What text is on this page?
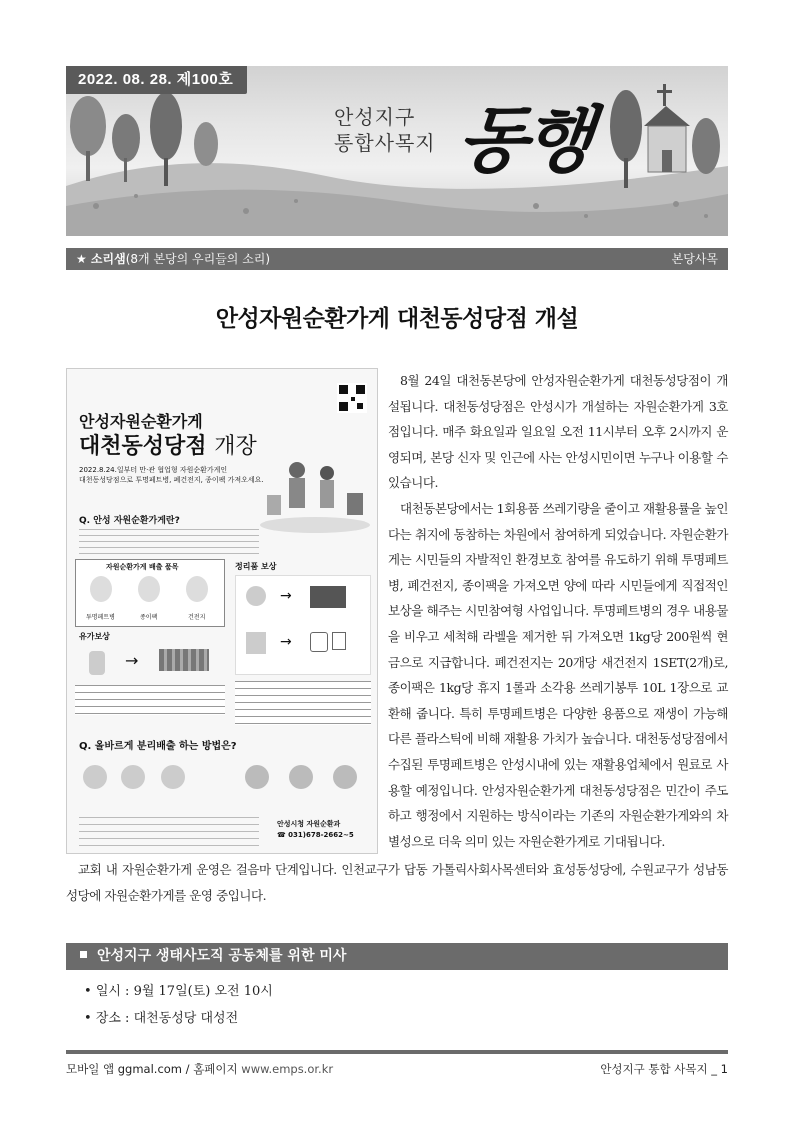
2022. 08. 28. 제100호
안성지구
통합사목지 동행
★ 소리샘(8개 본당의 우리들의 소리)	본당사목
안성자원순환가게 대천동성당점 개설
안성자원순환가게
대천동성당점 개장
2022.8.24.일부터 만·관 협업형 자원순환가게인
대천동성당점으로 투명페트병, 폐건전지, 종이팩 가져오세요.
Q. 안성 자원순환가게란?
자원순환가게 배출 품목
투명페트병	종이팩	건전지
정리품 보상
→
→
유가보상
→
Q. 올바르게 분리배출 하는 방법은?
안성시청 자원순환과
☎ 031)678-2662~5

8월 24일 대천동본당에 안성자원순환가게 대천동성당점이 개설됩니다. 대천동성당점은 안성시가 개설하는 자원순환가게 3호점입니다. 매주 화요일과 일요일 오전 11시부터 오후 2시까지 운영되며, 본당 신자 및 인근에 사는 안성시민이면 누구나 이용할 수 있습니다.

대천동본당에서는 1회용품 쓰레기량을 줄이고 재활용률을 높인다는 취지에 동참하는 차원에서 참여하게 되었습니다. 자원순환가게는 시민들의 자발적인 환경보호 참여를 유도하기 위해 투명페트병, 폐건전지, 종이팩을 가져오면 양에 따라 시민들에게 직접적인 보상을 해주는 시민참여형 사업입니다. 투명페트병의 경우 내용물을 비우고 세척해 라벨을 제거한 뒤 가져오면 1kg당 200원씩 현금으로 지급합니다. 폐건전지는 20개당 새건전지 1SET(2개)로, 종이팩은 1kg당 휴지 1롤과 소각용 쓰레기봉투 10L 1장으로 교환해 줍니다. 특히 투명페트병은 다양한 용품으로 재생이 가능해 다른 플라스틱에 비해 재활용 가치가 높습니다. 대천동성당점에서 수집된 투명페트병은 안성시내에 있는 재활용업체에서 원료로 사용할 예정입니다. 안성자원순환가게 대천동성당점은 민간이 주도하고 행정에서 지원하는 방식이라는 기존의 자원순환가게와의 차별성으로 더욱 의미 있는 자원순환가게로 기대됩니다.

교회 내 자원순환가게 운영은 걸음마 단계입니다. 인천교구가 답동 가톨릭사회사목센터와 효성동성당에, 수원교구가 성남동성당에 자원순환가게를 운영 중입니다.

안성지구 생태사도직 공동체를 위한 미사
• 일시 : 9월 17일(토) 오전 10시
• 장소 : 대천동성당 대성전
모바일 앱 ggmal.com / 홈페이지 www.emps.or.kr	안성지구 통합 사목지 _ 1
